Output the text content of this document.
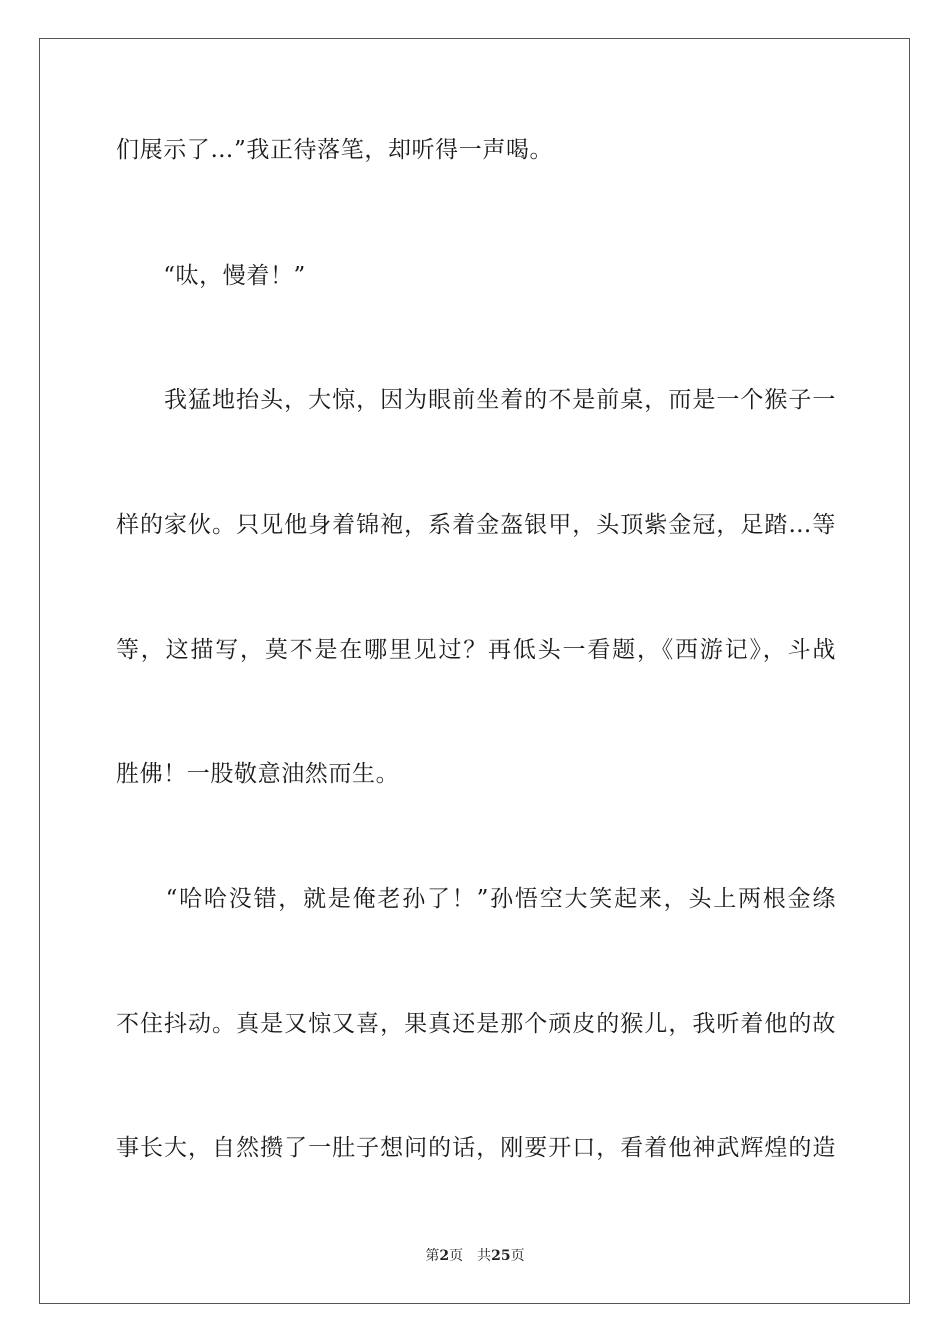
们展示了…”我正待落笔，却听得一声喝。
　　“呔，慢着！”
　　我猛地抬头，大惊，因为眼前坐着的不是前桌，而是一个猴子一
样的家伙。只见他身着锦袍，系着金盔银甲，头顶紫金冠，足踏…等
等，这描写，莫不是在哪里见过？再低头一看题，《西游记》，斗战
胜佛！一股敬意油然而生。
　　“哈哈没错，就是俺老孙了！”孙悟空大笑起来，头上两根金绦
不住抖动。真是又惊又喜，果真还是那个顽皮的猴儿，我听着他的故
事长大，自然攒了一肚子想问的话，刚要开口，看着他神武辉煌的造
第2页 共25页
